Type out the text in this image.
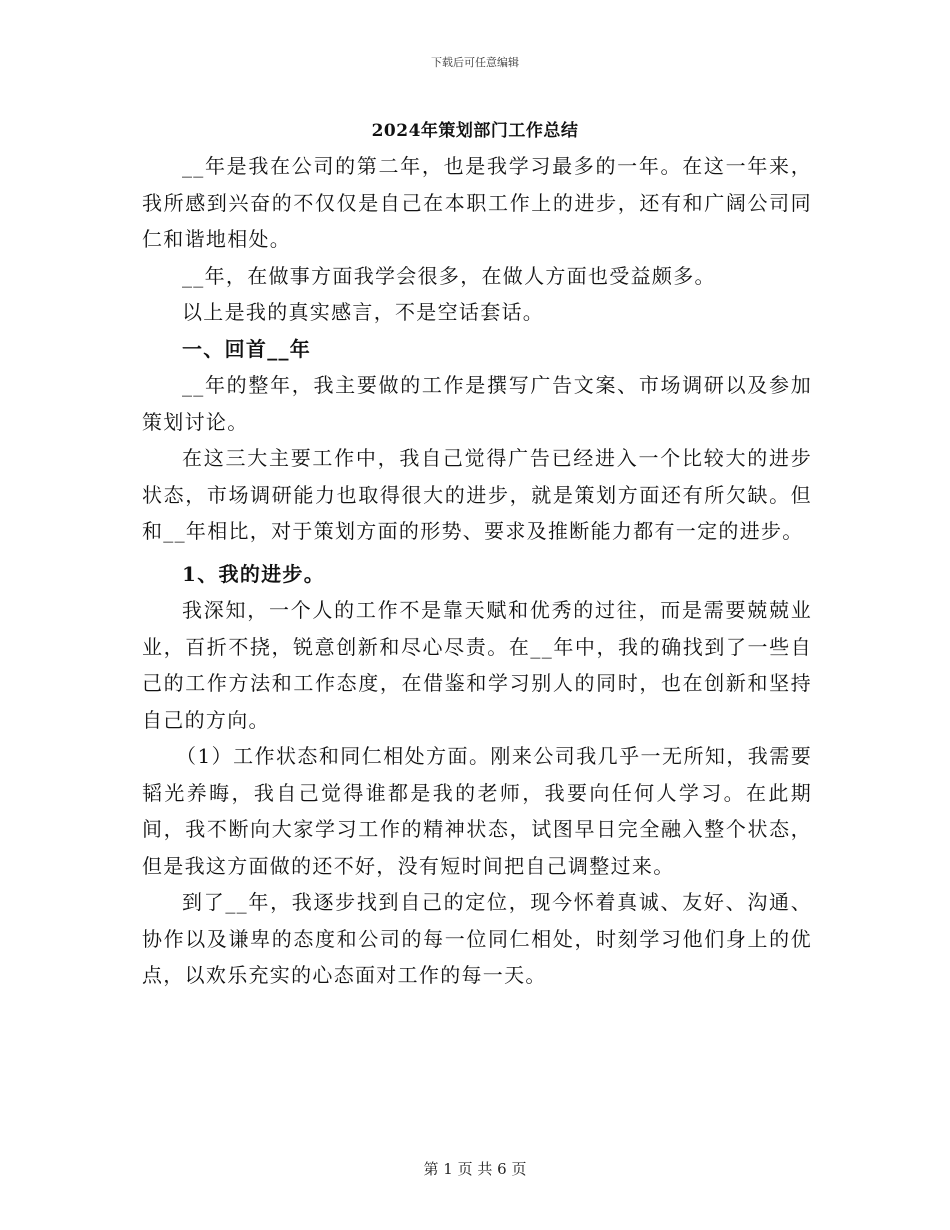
下载后可任意编辑
2024年策划部门工作总结

__年是我在公司的第二年，也是我学习最多的一年。在这一年来，我所感到兴奋的不仅仅是自己在本职工作上的进步，还有和广阔公司同仁和谐地相处。

__年，在做事方面我学会很多，在做人方面也受益颇多。

以上是我的真实感言，不是空话套话。

一、回首__年

__年的整年，我主要做的工作是撰写广告文案、市场调研以及参加策划讨论。

在这三大主要工作中，我自己觉得广告已经进入一个比较大的进步状态，市场调研能力也取得很大的进步，就是策划方面还有所欠缺。但和__年相比，对于策划方面的形势、要求及推断能力都有一定的进步。

1、我的进步。

我深知，一个人的工作不是靠天赋和优秀的过往，而是需要兢兢业业，百折不挠，锐意创新和尽心尽责。在__年中，我的确找到了一些自己的工作方法和工作态度，在借鉴和学习别人的同时，也在创新和坚持自己的方向。

（1）工作状态和同仁相处方面。刚来公司我几乎一无所知，我需要韬光养晦，我自己觉得谁都是我的老师，我要向任何人学习。在此期间，我不断向大家学习工作的精神状态，试图早日完全融入整个状态，但是我这方面做的还不好，没有短时间把自己调整过来。

到了__年，我逐步找到自己的定位，现今怀着真诚、友好、沟通、协作以及谦卑的态度和公司的每一位同仁相处，时刻学习他们身上的优点，以欢乐充实的心态面对工作的每一天。

第 1 页 共 6 页
